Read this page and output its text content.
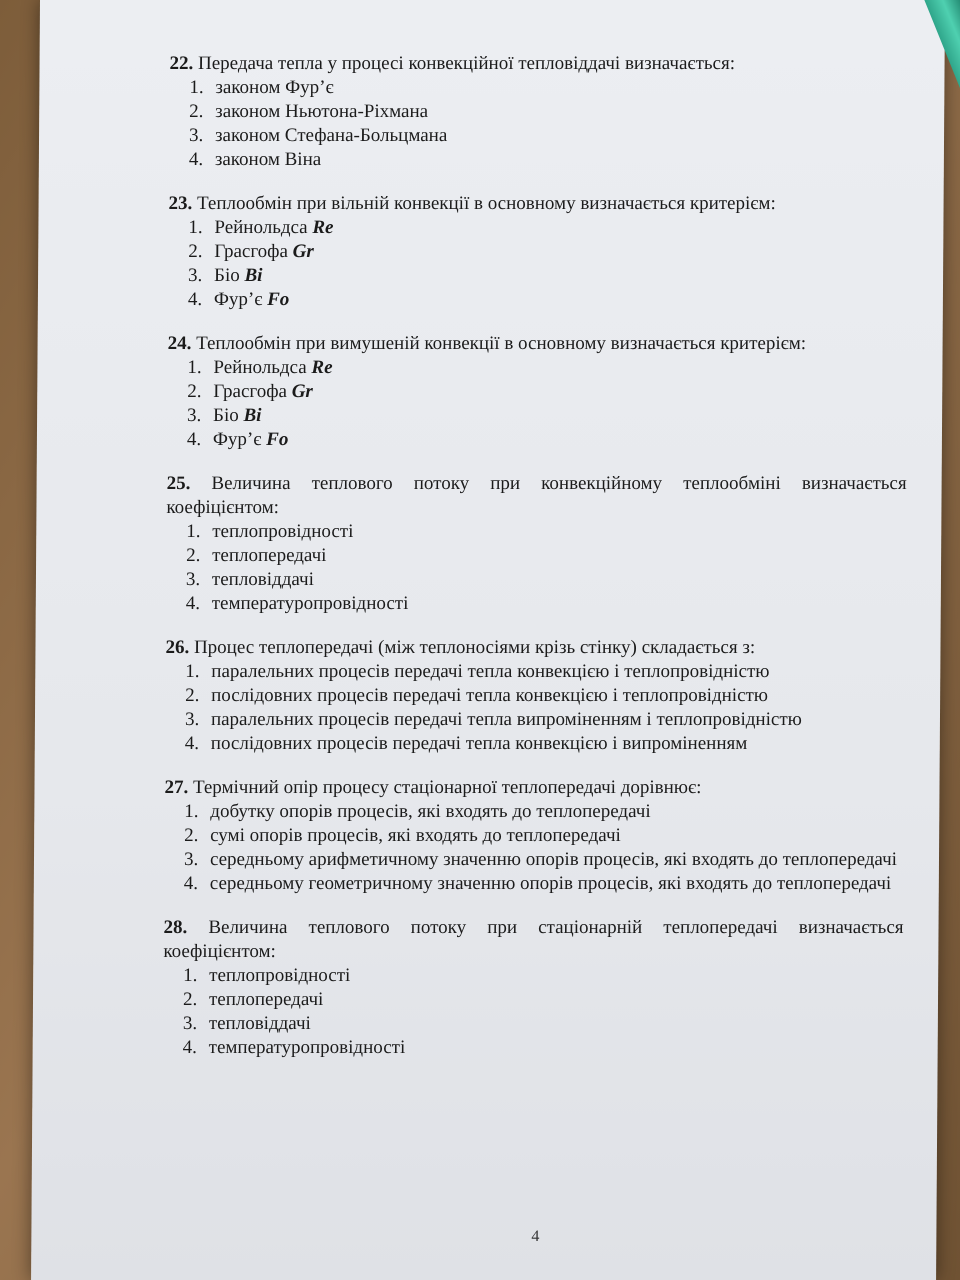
22. Передача тепла у процесі конвекційної тепловіддачі визначається:
1. законом Фур’є
2. законом Ньютона-Ріхмана
3. законом Стефана-Больцмана
4. законом Віна
23. Теплообмін при вільній конвекції в основному визначається критерієм:
1. Рейнольдса Re
2. Грасгофа Gr
3. Біо Bi
4. Фур’є Fo
24. Теплообмін при вимушеній конвекції в основному визначається критерієм:
1. Рейнольдса Re
2. Грасгофа Gr
3. Біо Bi
4. Фур’є Fo
25. Величина теплового потоку при конвекційному теплообміні визначається коефіцієнтом:
1. теплопровідності
2. теплопередачі
3. тепловіддачі
4. температуропровідності
26. Процес теплопередачі (між теплоносіями крізь стінку) складається з:
1. паралельних процесів передачі тепла конвекцією і теплопровідністю
2. послідовних процесів передачі тепла конвекцією і теплопровідністю
3. паралельних процесів передачі тепла випроміненням і теплопровідністю
4. послідовних процесів передачі тепла конвекцією і випроміненням
27. Термічний опір процесу стаціонарної теплопередачі дорівнює:
1. добутку опорів процесів, які входять до теплопередачі
2. сумі опорів процесів, які входять до теплопередачі
3. середньому арифметичному значенню опорів процесів, які входять до теплопередачі
4. середньому геометричному значенню опорів процесів, які входять до теплопередачі
28. Величина теплового потоку при стаціонарній теплопередачі визначається коефіцієнтом:
1. теплопровідності
2. теплопередачі
3. тепловіддачі
4. температуропровідності
4
